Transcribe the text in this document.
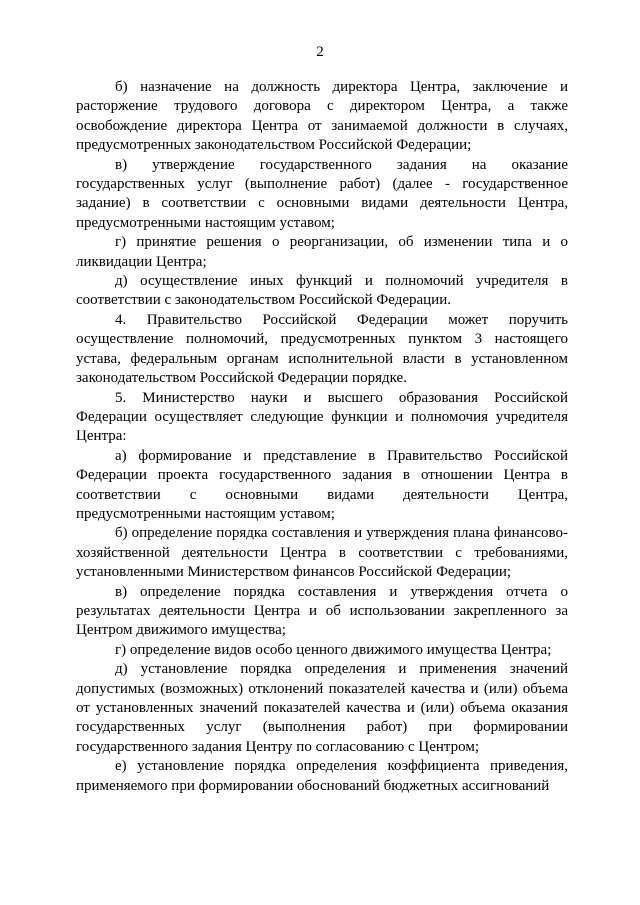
2

б) назначение на должность директора Центра, заключение и расторжение трудового договора с директором Центра, а также освобождение директора Центра от занимаемой должности в случаях, предусмотренных законодательством Российской Федерации;

в) утверждение государственного задания на оказание государственных услуг (выполнение работ) (далее - государственное задание) в соответствии с основными видами деятельности Центра, предусмотренными настоящим уставом;

г) принятие решения о реорганизации, об изменении типа и о ликвидации Центра;

д) осуществление иных функций и полномочий учредителя в соответствии с законодательством Российской Федерации.

4. Правительство Российской Федерации может поручить осуществление полномочий, предусмотренных пунктом 3 настоящего устава, федеральным органам исполнительной власти в установленном законодательством Российской Федерации порядке.

5. Министерство науки и высшего образования Российской Федерации осуществляет следующие функции и полномочия учредителя Центра:

а) формирование и представление в Правительство Российской Федерации проекта государственного задания в отношении Центра в соответствии с основными видами деятельности Центра, предусмотренными настоящим уставом;

б) определение порядка составления и утверждения плана финансово-хозяйственной деятельности Центра в соответствии с требованиями, установленными Министерством финансов Российской Федерации;

в) определение порядка составления и утверждения отчета о результатах деятельности Центра и об использовании закрепленного за Центром движимого имущества;

г) определение видов особо ценного движимого имущества Центра;

д) установление порядка определения и применения значений допустимых (возможных) отклонений показателей качества и (или) объема от установленных значений показателей качества и (или) объема оказания государственных услуг (выполнения работ) при формировании государственного задания Центру по согласованию с Центром;

е) установление порядка определения коэффициента приведения, применяемого при формировании обоснований бюджетных ассигнований
